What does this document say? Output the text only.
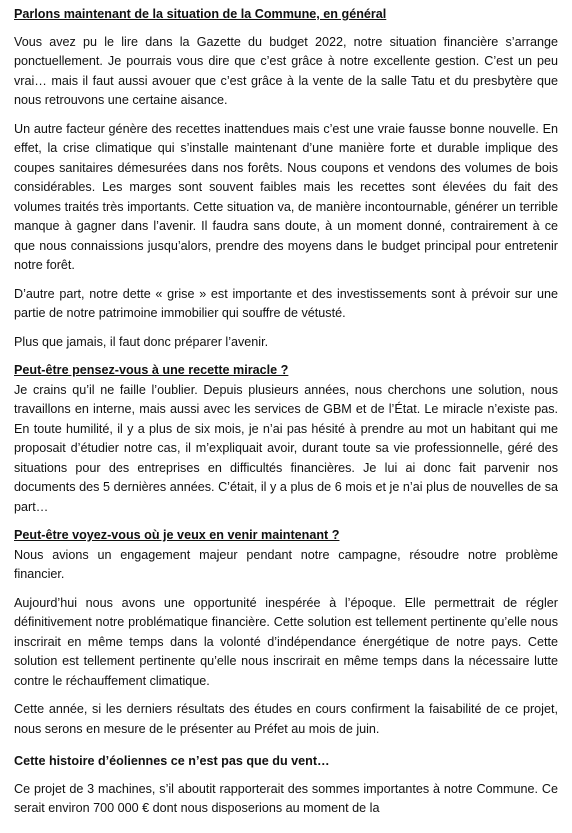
Parlons maintenant de la situation de la Commune, en général

Vous avez pu le lire dans la Gazette du budget 2022, notre situation financière s’arrange ponctuellement. Je pourrais vous dire que c’est grâce à notre excellente gestion. C’est un peu vrai… mais il faut aussi avouer que c’est grâce à la vente de la salle Tatu et du presbytère que nous retrouvons une certaine aisance.

Un autre facteur génère des recettes inattendues mais c’est une vraie fausse bonne nouvelle. En effet, la crise climatique qui s’installe maintenant d’une manière forte et durable implique des coupes sanitaires démesurées dans nos forêts. Nous coupons et vendons des volumes de bois considérables. Les marges sont souvent faibles mais les recettes sont élevées du fait des volumes traités très importants. Cette situation va, de manière incontournable, générer un terrible manque à gagner dans l’avenir. Il faudra sans doute, à un moment donné, contrairement à ce que nous connaissions jusqu’alors, prendre des moyens dans le budget principal pour entretenir notre forêt.

D’autre part, notre dette « grise » est importante et des investissements sont à prévoir sur une partie de notre patrimoine immobilier qui souffre de vétusté.

Plus que jamais, il faut donc préparer l’avenir.

Peut-être pensez-vous à une recette miracle ?

Je crains qu’il ne faille l’oublier. Depuis plusieurs années, nous cherchons une solution, nous travaillons en interne, mais aussi avec les services de GBM et de l’État. Le miracle n’existe pas. En toute humilité, il y a plus de six mois, je n’ai pas hésité à prendre au mot un habitant qui me proposait d’étudier notre cas, il m’expliquait avoir, durant toute sa vie professionnelle, géré des situations pour des entreprises en difficultés financières. Je lui ai donc fait parvenir nos documents des 5 dernières années. C’était, il y a plus de 6 mois et je n’ai plus de nouvelles de sa part…

Peut-être voyez-vous où je veux en venir maintenant ?

Nous avions un engagement majeur pendant notre campagne, résoudre notre problème financier.

Aujourd’hui nous avons une opportunité inespérée à l’époque. Elle permettrait de régler définitivement notre problématique financière. Cette solution est tellement pertinente qu’elle nous inscrirait en même temps dans la volonté d’indépendance énergétique de notre pays. Cette solution est tellement pertinente qu’elle nous inscrirait en même temps dans la nécessaire lutte contre le réchauffement climatique.

Cette année, si les derniers résultats des études en cours confirment la faisabilité de ce projet, nous serons en mesure de le présenter au Préfet au mois de juin.

Cette histoire d’éoliennes ce n’est pas que du vent…

Ce projet de 3 machines, s’il aboutit rapporterait des sommes importantes à notre Commune. Ce serait environ 700 000 € dont nous disposerions au moment de la
